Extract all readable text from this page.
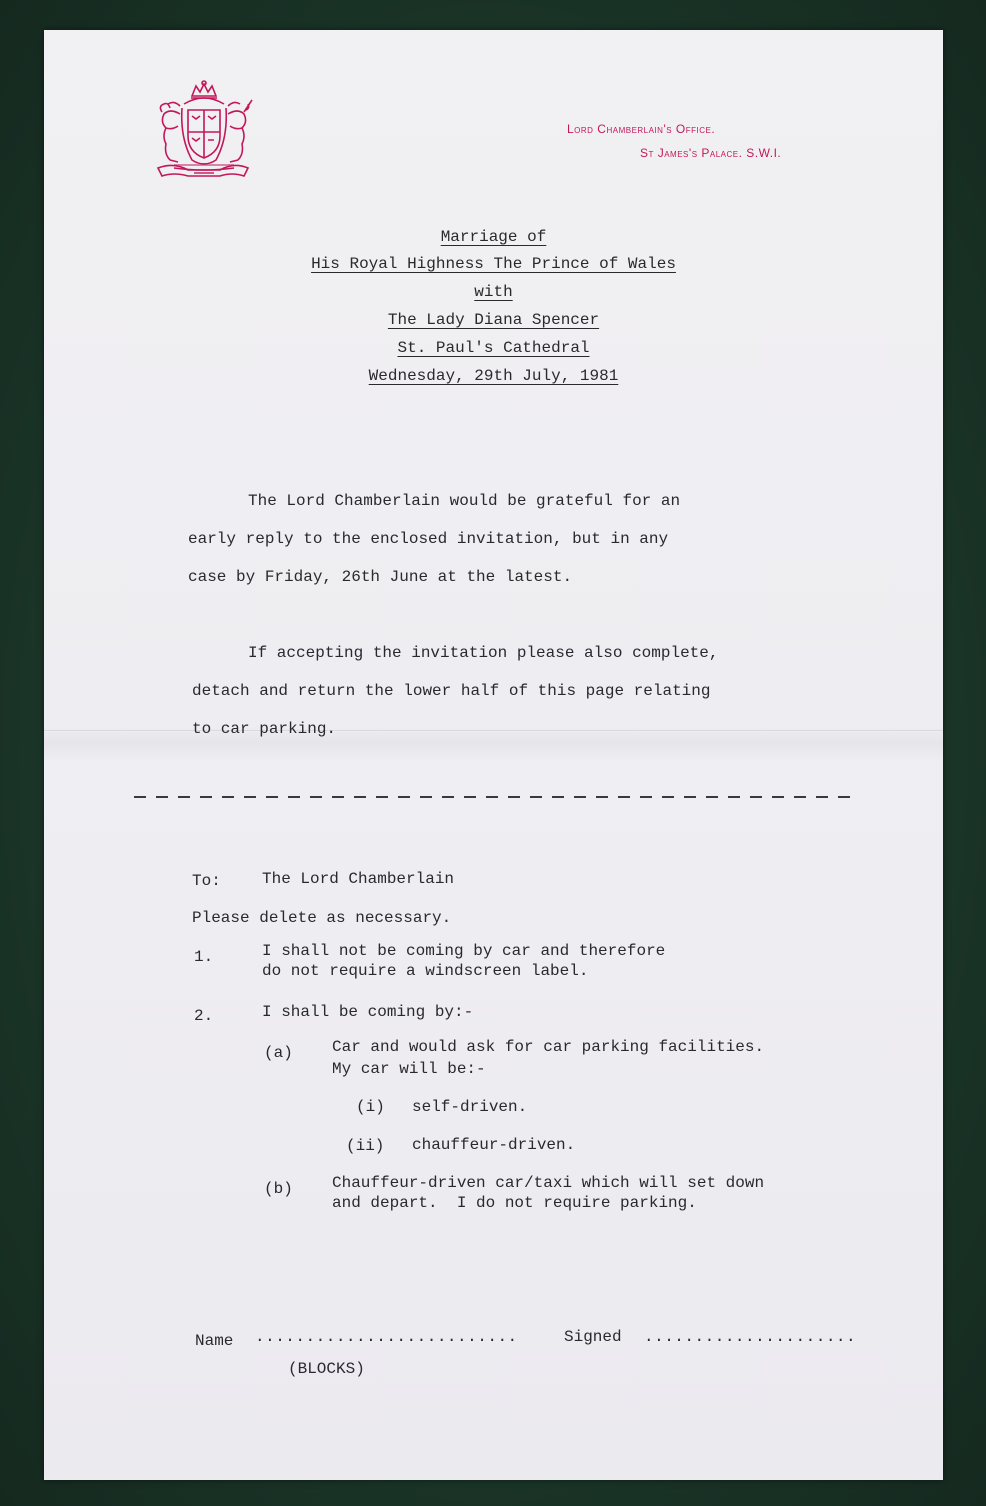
Lord Chamberlain's Office.
St James's Palace. S.W.I.
Marriage of
His Royal Highness The Prince of Wales
with
The Lady Diana Spencer
St. Paul's Cathedral
Wednesday, 29th July, 1981
The Lord Chamberlain would be grateful for an
early reply to the enclosed invitation, but in any
case by Friday, 26th June at the latest.
If accepting the invitation please also complete,
detach and return the lower half of this page relating
to car parking.
To:	The Lord Chamberlain
Please delete as necessary.
1.	I shall not be coming by car and therefore
do not require a windscreen label.
2.	I shall be coming by:-
(a) Car and would ask for car parking facilities.
My car will be:-
(i) self-driven.
(ii) chauffeur-driven.
(b) Chauffeur-driven car/taxi which will set down
and depart.  I do not require parking.
Name ..........................	Signed .....................
(BLOCKS)
